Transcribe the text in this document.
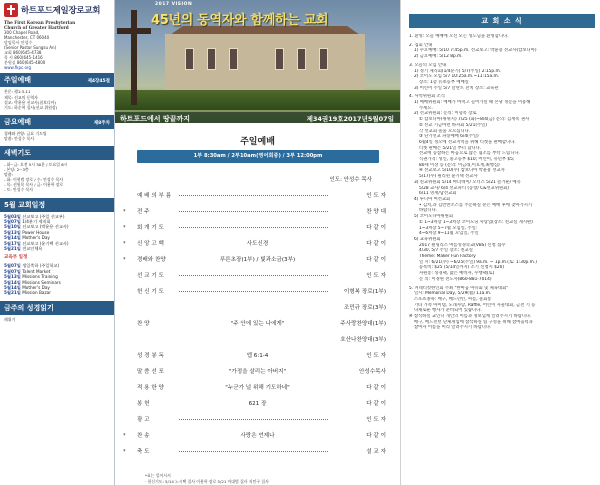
하트포드제일장로교회
The First Korean Presbyterian
Church of Greater Hartford
300 Chapel Road,
Manchester, CT 06040
담임목사 안성수
(Senior Pastor Sungsu An)
교회 860)645-4738
목 사 860)645-1416
분원실 860)645-4800
www.fkpc.org
주일예배	제4장45절
본문: 행1:3-11
제목: 선교의 동역자
설교: 박윤용 선교사(침보디아)
기도: 하순혁 집사(선교 위원장)
금요예배	제8주차
경배와 찬양: 금요 기도팀
말씀: 안성수 목사
새벽기도
- 화~금: 오전 5시 30분 / 토요일 6시
- 본당: 2~3층
말씀:
- 화: 이형범 장로 / 수: 안성수 목사
- 목: 선원목 목사 / 금: 이용학 장로
- 토: 안성수 목사
5월 교회일정
5월03일 선교보고 (주일 선교부)
5월07일 1/4분기 제직회
5월10일 선교보고 (박윤용 선교사)
5월13일 Power House
5월14일 Mother's Day
5월17일 선교보고 (윤기택 선교사)
5월21일 전교인체육
교육부 일정
5월07일 생일축하 (주일학교)
5월07일 Talent Market
5월13일 Missions Training
5월14일 Missions Seminars
5월14일 Mother's Day
5월21일 Mission Bazar
금주의 성경읽기
레위기
2017 VISION
45년의 동역자와 함께하는 교회
하트포드에서 땅끝까지	제34권19호2017년5월07일
주일예배
1부 8:30am / 2부10am(영어회중) / 3부 12:00pm
인도: 안성수 목사
예 배 의 부 름	인 도 자
* 전 주	찬 양 대
* 회 개 기 도	다 같 이
* 신 앙 고 백	사도신경	다 같 이
* 경배와 찬양	푸른초장(1부) / 빛과소금(3부)	다 같 이
선 교 기 도	인 도 자
헌 신 기 도	이형복 장로(1부)
조민규 장로(3부)
찬 양	"주 안에 있는 나에게"	주사랑찬양대(1부)
호산나찬양대(3부)
성 경 봉 독	엡 6:1-4	인 도 자
말 씀 선 포	"가정을 살리는 아버지"	안성수목사
적 용 한 양	"누군가 널 위해 기도하네"	다 같 이
봉 헌	621 장	다 같 이
광 고	인 도 자
* 찬 송	사랑은 언제나	다 같 이
* 축 도	설 교 자
*표는 일어서서
· 헌신기도: 5/14 노시택 집사 이용학 장로 5/21 이대범 집사 지민구 집사
교 회 소 식
1. 환영: 오늘 예배에 오신 모든 성도님을 환영합니다.
2. 집회 안내
1) 수요예배: 5/10 7:45p.m. 선교보고: 박윤용 선교사(캄보디아)
2) 금요예배: 5/12 8p.m.
3. 오늘의 모임 안내
1) 정기 제직회(1/4분기) 5/7(주일) 2:15p.m.
2) 코이노 모임 5/7 10:25a.m.~11:15a.m.
장소: 1층 유초등부 예배실
3) 어린이 주일 5/7 달란트 잔치 장소: 교육관
4. 사역위원회 소식
1) 예배위원회: 예배가 마치고 들어가실 때 본당 정문을 이용해
주세요.
2) 선교위원회: 문의: 이형복 장로
① 캄보디아(위위지) 7/25 (화)~8/4(금) 문의: 김재옥 권사
② 선교 기금마련 바자회 5/21(주일)
각 선교회 물품 모으십니다.
③ 단기선교 파송예배 6/4(주일)
6월4일 정오에 선교지역을 위해 티켓을 판매합니다.
티켓 판매는 5/21일 부터 합니다.
선교에 동참하는 마음으로 많은 협조를 부탁 드립니다.
식권가격: 성인, 중고등부 $10; 어린이, 유년부 $5;
80세 이상 동 (문의: 이금래,이호계,최행심)
④ 선교보고 5/10(수) 캄보디아 박윤용 선교사
5/17(수) 필리핀 윤기택 선교사
3) 친교위원회 5/14 마더데이/ 오너즈 5/21 즐거운/ 예유
5/28 교사/ 6/4 선교파티 (동창/ C&선교위원회)
6/11 영재/남선교회
4) 루디아 여선교회
• 김치,과 김반찬소스를 주문하실 분은 예배 후에 찾아가시기
바랍니다.
5) 코이노니아위원회
① 1~3쳐장 1~3쳐장 코이노닝 사랑업(장소: 친교실 게시판)
1~3쳐장 5~7월 모임일, 주일:
4~6쳐장 9~11월 모임일, 주일
6) 교육위원회
2017 필링리즈 여름성경학교(VBS) 신청 접수
4/30, 5/7 주일 장소: 친교실
Theme: Maker Fun Factory
일 시: 6/21(수) ~6/25(주일) 9a.m. ~ 1p.m.(토: 1:30p.m.)
등록비: $25 (5/14일까지) 조기 신청시 $20)
자원봉: 성경팩, 많은 예비자, 수행팩(토)
문 의: 이경원 전도사(860-881-7014)
5. 커네티컷한인회 주최 "한마음 아유회 및 체육대회"
일시: Memorial Day, 5/29(월) 11a.m.
스포츠종목: 배구, 배드민턴, 씨름, 물회통
기타 가족 아이템, 노래자랑, Raffle, 어린이 사물대회, 금전 기 등
다채로운 행사가 준비되어 있습니다.
※ 참석하실 교인니 개인의 이름과 정보닙께 알려주시기 바랍니다.
배구, 배드민턴 단체게임에 참석하실 팀 구성을 위해 참여출력과
참여자 이름을 미리 알려주시기 바랍니다.
